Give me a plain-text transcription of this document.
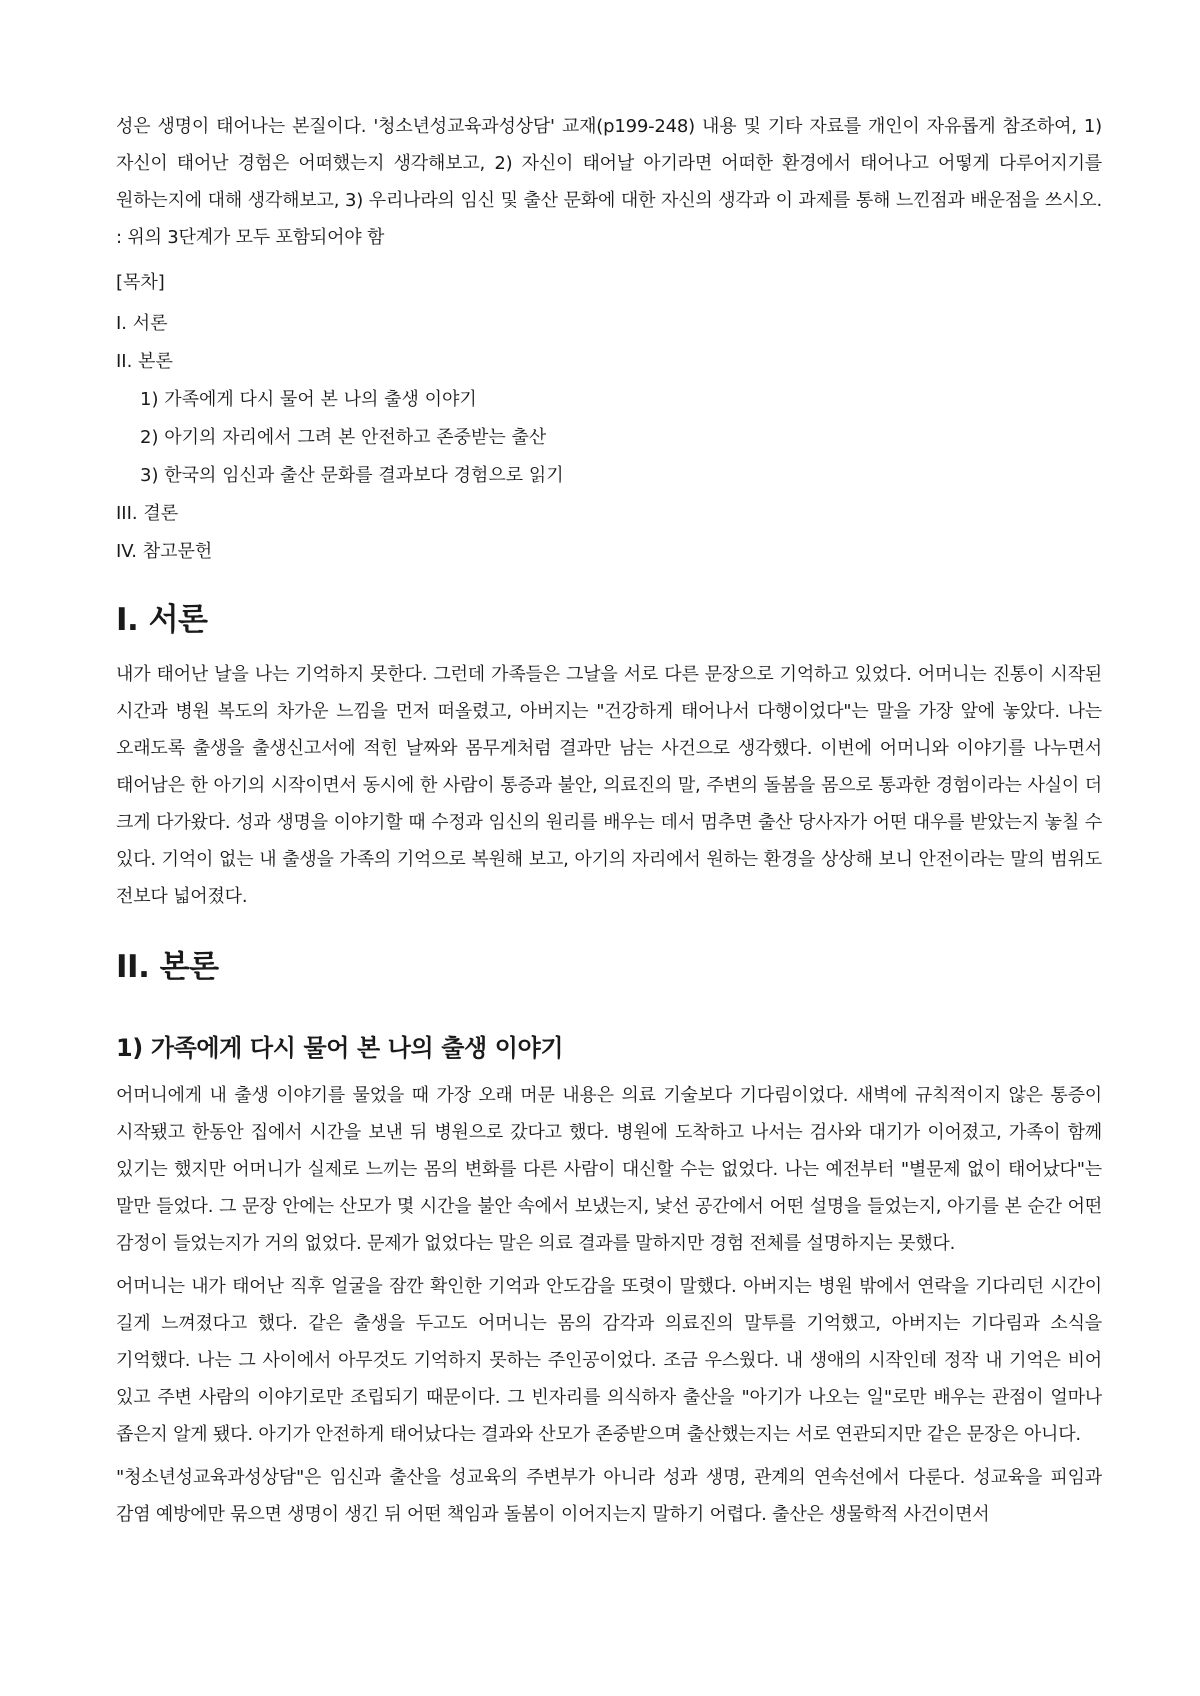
성은 생명이 태어나는 본질이다. '청소년성교육과성상담' 교재(p199-248) 내용 및 기타 자료를 개인이 자유롭게 참조하여, 1) 자신이 태어난 경험은 어떠했는지 생각해보고, 2) 자신이 태어날 아기라면 어떠한 환경에서 태어나고 어떻게 다루어지기를 원하는지에 대해 생각해보고, 3) 우리나라의 임신 및 출산 문화에 대한 자신의 생각과 이 과제를 통해 느낀점과 배운점을 쓰시오. : 위의 3단계가 모두 포함되어야 함

[목차]

I. 서론
II. 본론
1) 가족에게 다시 물어 본 나의 출생 이야기
2) 아기의 자리에서 그려 본 안전하고 존중받는 출산
3) 한국의 임신과 출산 문화를 결과보다 경험으로 읽기
III. 결론
IV. 참고문헌
I. 서론

내가 태어난 날을 나는 기억하지 못한다. 그런데 가족들은 그날을 서로 다른 문장으로 기억하고 있었다. 어머니는 진통이 시작된 시간과 병원 복도의 차가운 느낌을 먼저 떠올렸고, 아버지는 "건강하게 태어나서 다행이었다"는 말을 가장 앞에 놓았다. 나는 오래도록 출생을 출생신고서에 적힌 날짜와 몸무게처럼 결과만 남는 사건으로 생각했다. 이번에 어머니와 이야기를 나누면서 태어남은 한 아기의 시작이면서 동시에 한 사람이 통증과 불안, 의료진의 말, 주변의 돌봄을 몸으로 통과한 경험이라는 사실이 더 크게 다가왔다. 성과 생명을 이야기할 때 수정과 임신의 원리를 배우는 데서 멈추면 출산 당사자가 어떤 대우를 받았는지 놓칠 수 있다. 기억이 없는 내 출생을 가족의 기억으로 복원해 보고, 아기의 자리에서 원하는 환경을 상상해 보니 안전이라는 말의 범위도 전보다 넓어졌다.

II. 본론
1) 가족에게 다시 물어 본 나의 출생 이야기

어머니에게 내 출생 이야기를 물었을 때 가장 오래 머문 내용은 의료 기술보다 기다림이었다. 새벽에 규칙적이지 않은 통증이 시작됐고 한동안 집에서 시간을 보낸 뒤 병원으로 갔다고 했다. 병원에 도착하고 나서는 검사와 대기가 이어졌고, 가족이 함께 있기는 했지만 어머니가 실제로 느끼는 몸의 변화를 다른 사람이 대신할 수는 없었다. 나는 예전부터 "별문제 없이 태어났다"는 말만 들었다. 그 문장 안에는 산모가 몇 시간을 불안 속에서 보냈는지, 낯선 공간에서 어떤 설명을 들었는지, 아기를 본 순간 어떤 감정이 들었는지가 거의 없었다. 문제가 없었다는 말은 의료 결과를 말하지만 경험 전체를 설명하지는 못했다.

어머니는 내가 태어난 직후 얼굴을 잠깐 확인한 기억과 안도감을 또렷이 말했다. 아버지는 병원 밖에서 연락을 기다리던 시간이 길게 느껴졌다고 했다. 같은 출생을 두고도 어머니는 몸의 감각과 의료진의 말투를 기억했고, 아버지는 기다림과 소식을 기억했다. 나는 그 사이에서 아무것도 기억하지 못하는 주인공이었다. 조금 우스웠다. 내 생애의 시작인데 정작 내 기억은 비어 있고 주변 사람의 이야기로만 조립되기 때문이다. 그 빈자리를 의식하자 출산을 "아기가 나오는 일"로만 배우는 관점이 얼마나 좁은지 알게 됐다. 아기가 안전하게 태어났다는 결과와 산모가 존중받으며 출산했는지는 서로 연관되지만 같은 문장은 아니다.

"청소년성교육과성상담"은 임신과 출산을 성교육의 주변부가 아니라 성과 생명, 관계의 연속선에서 다룬다. 성교육을 피임과 감염 예방에만 묶으면 생명이 생긴 뒤 어떤 책임과 돌봄이 이어지는지 말하기 어렵다. 출산은 생물학적 사건이면서
